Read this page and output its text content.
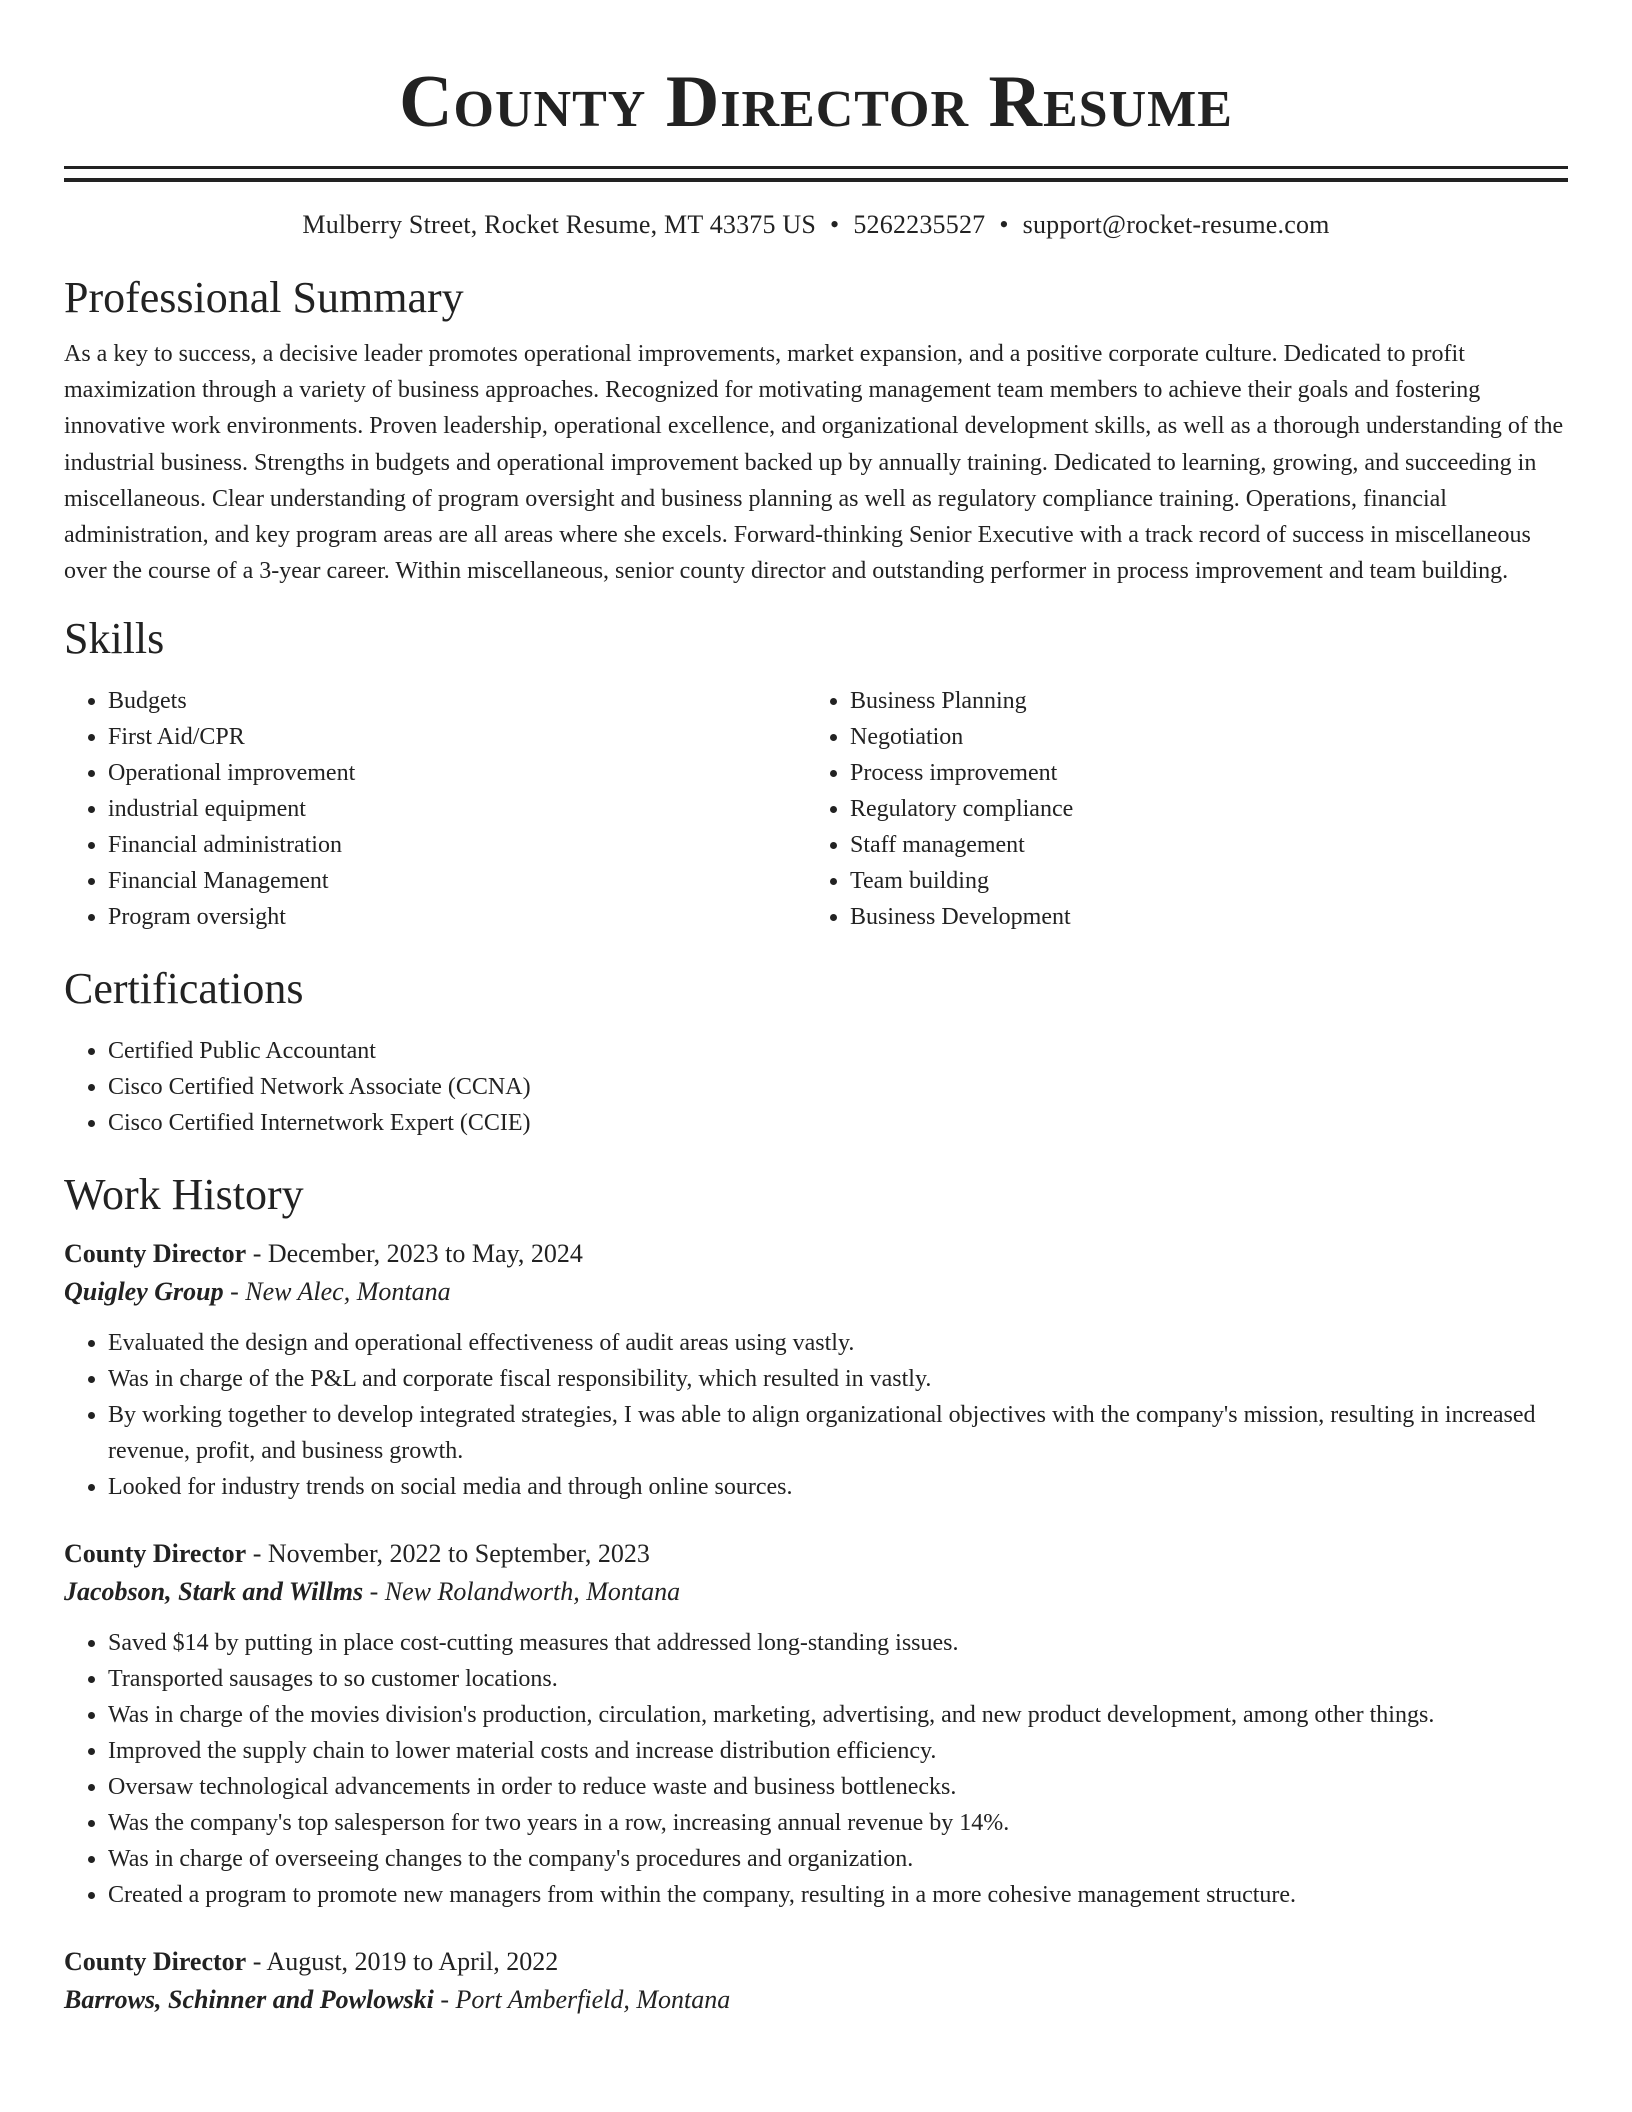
County Director Resume
Mulberry Street, Rocket Resume, MT 43375 US • 5262235527 • support@rocket-resume.com
Professional Summary

As a key to success, a decisive leader promotes operational improvements, market expansion, and a positive corporate culture. Dedicated to profit maximization through a variety of business approaches. Recognized for motivating management team members to achieve their goals and fostering innovative work environments. Proven leadership, operational excellence, and organizational development skills, as well as a thorough understanding of the industrial business. Strengths in budgets and operational improvement backed up by annually training. Dedicated to learning, growing, and succeeding in miscellaneous. Clear understanding of program oversight and business planning as well as regulatory compliance training. Operations, financial administration, and key program areas are all areas where she excels. Forward-thinking Senior Executive with a track record of success in miscellaneous over the course of a 3-year career. Within miscellaneous, senior county director and outstanding performer in process improvement and team building.

Skills
• Budgets
• First Aid/CPR
• Operational improvement
• industrial equipment
• Financial administration
• Financial Management
• Program oversight
• Business Planning
• Negotiation
• Process improvement
• Regulatory compliance
• Staff management
• Team building
• Business Development
Certifications
• Certified Public Accountant
• Cisco Certified Network Associate (CCNA)
• Cisco Certified Internetwork Expert (CCIE)
Work History
County Director - December, 2023 to May, 2024
Quigley Group - New Alec, Montana
• Evaluated the design and operational effectiveness of audit areas using vastly.
• Was in charge of the P&L and corporate fiscal responsibility, which resulted in vastly.
• By working together to develop integrated strategies, I was able to align organizational objectives with the company's mission, resulting in increased revenue, profit, and business growth.
• Looked for industry trends on social media and through online sources.
County Director - November, 2022 to September, 2023
Jacobson, Stark and Willms - New Rolandworth, Montana
• Saved $14 by putting in place cost-cutting measures that addressed long-standing issues.
• Transported sausages to so customer locations.
• Was in charge of the movies division's production, circulation, marketing, advertising, and new product development, among other things.
• Improved the supply chain to lower material costs and increase distribution efficiency.
• Oversaw technological advancements in order to reduce waste and business bottlenecks.
• Was the company's top salesperson for two years in a row, increasing annual revenue by 14%.
• Was in charge of overseeing changes to the company's procedures and organization.
• Created a program to promote new managers from within the company, resulting in a more cohesive management structure.
County Director - August, 2019 to April, 2022
Barrows, Schinner and Powlowski - Port Amberfield, Montana
